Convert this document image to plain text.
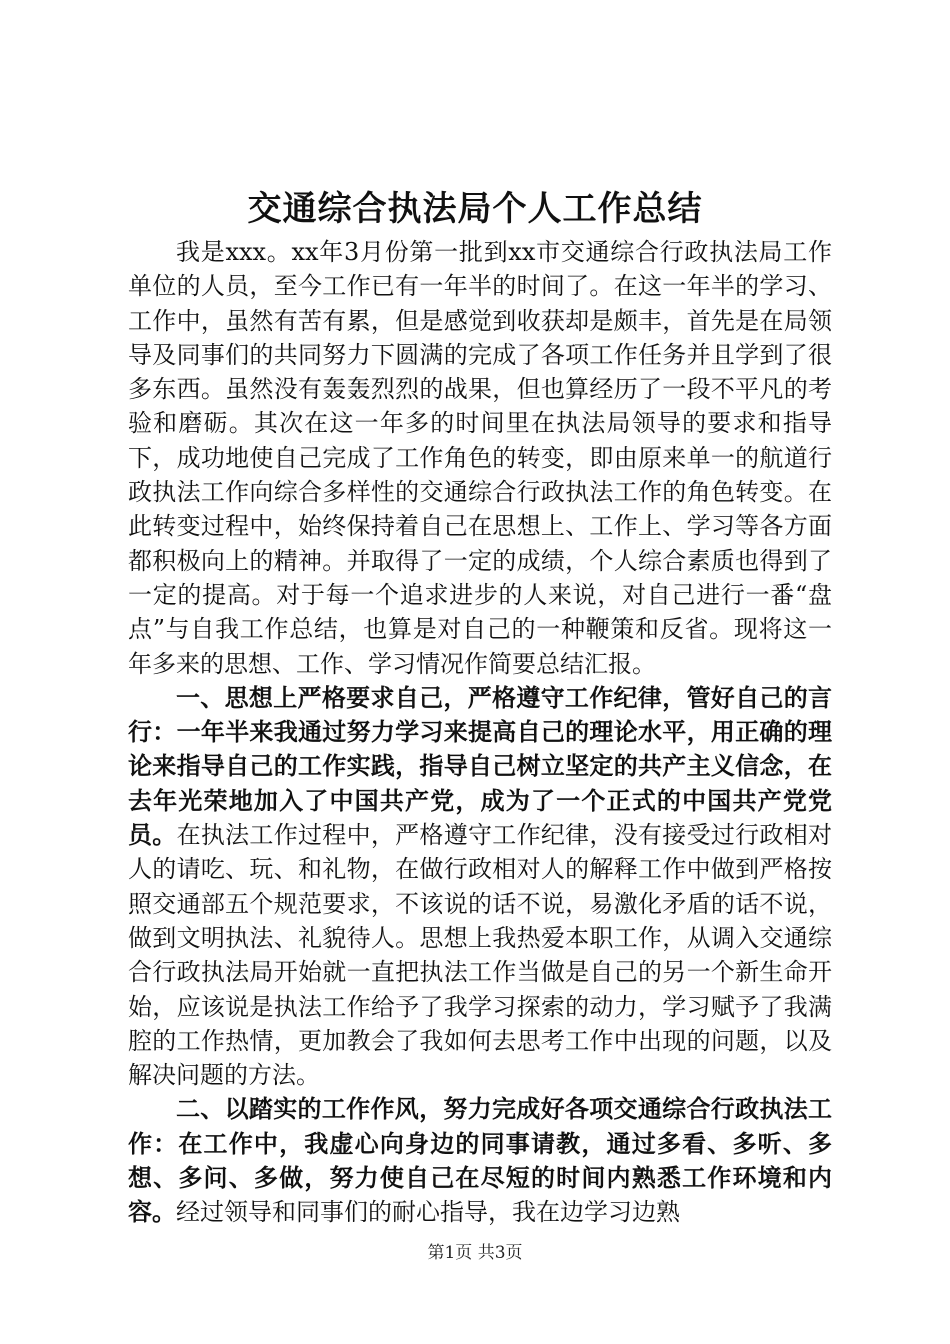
交通综合执法局个人工作总结

我是xxx。xx年3月份第一批到xx市交通综合行政执法局工作单位的人员，至今工作已有一年半的时间了。在这一年半的学习、工作中，虽然有苦有累，但是感觉到收获却是颇丰，首先是在局领导及同事们的共同努力下圆满的完成了各项工作任务并且学到了很多东西。虽然没有轰轰烈烈的战果，但也算经历了一段不平凡的考验和磨砺。其次在这一年多的时间里在执法局领导的要求和指导下，成功地使自己完成了工作角色的转变，即由原来单一的航道行政执法工作向综合多样性的交通综合行政执法工作的角色转变。在此转变过程中，始终保持着自己在思想上、工作上、学习等各方面都积极向上的精神。并取得了一定的成绩，个人综合素质也得到了一定的提高。对于每一个追求进步的人来说，对自己进行一番“盘点”与自我工作总结，也算是对自己的一种鞭策和反省。现将这一年多来的思想、工作、学习情况作简要总结汇报。

一、思想上严格要求自己，严格遵守工作纪律，管好自己的言行：一年半来我通过努力学习来提高自己的理论水平，用正确的理论来指导自己的工作实践，指导自己树立坚定的共产主义信念，在去年光荣地加入了中国共产党，成为了一个正式的中国共产党党员。在执法工作过程中，严格遵守工作纪律，没有接受过行政相对人的请吃、玩、和礼物，在做行政相对人的解释工作中做到严格按照交通部五个规范要求，不该说的话不说，易激化矛盾的话不说，做到文明执法、礼貌待人。思想上我热爱本职工作，从调入交通综合行政执法局开始就一直把执法工作当做是自己的另一个新生命开始，应该说是执法工作给予了我学习探索的动力，学习赋予了我满腔的工作热情，更加教会了我如何去思考工作中出现的问题，以及解决问题的方法。

二、以踏实的工作作风，努力完成好各项交通综合行政执法工作：在工作中，我虚心向身边的同事请教，通过多看、多听、多想、多问、多做，努力使自己在尽短的时间内熟悉工作环境和内容。经过领导和同事们的耐心指导，我在边学习边熟

第1页 共3页
